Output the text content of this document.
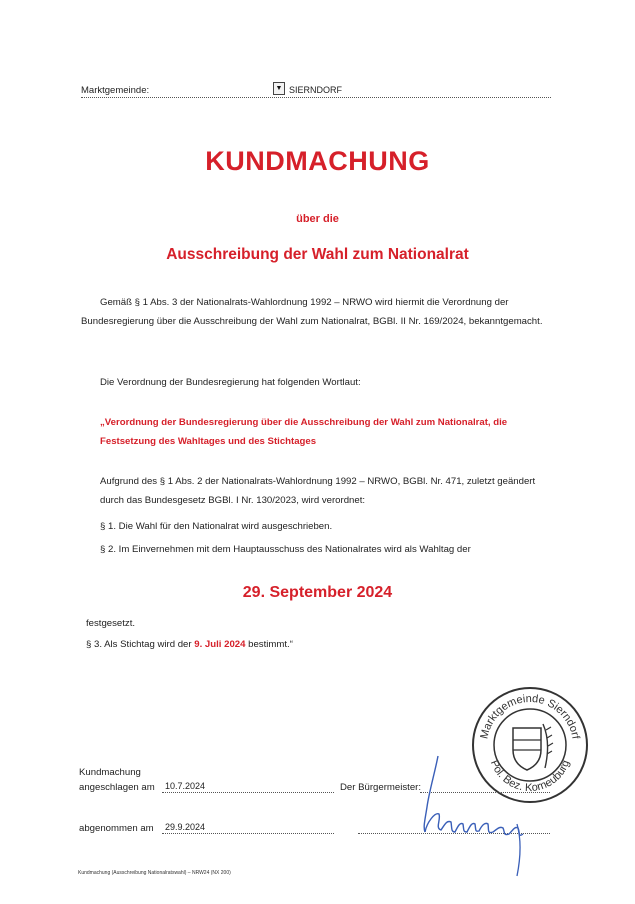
Marktgemeinde:	▼ SIERNDORF
KUNDMACHUNG
über die
Ausschreibung der Wahl zum Nationalrat
Gemäß § 1 Abs. 3 der Nationalrats-Wahlordnung 1992 – NRWO wird hiermit die Verordnung der Bundesregierung über die Ausschreibung der Wahl zum Nationalrat, BGBl. II Nr. 169/2024, bekanntgemacht.
Die Verordnung der Bundesregierung hat folgenden Wortlaut:
„Verordnung der Bundesregierung über die Ausschreibung der Wahl zum Nationalrat, die Festsetzung des Wahltages und des Stichtages
Aufgrund des § 1 Abs. 2 der Nationalrats-Wahlordnung 1992 – NRWO, BGBl. Nr. 471, zuletzt geändert durch das Bundesgesetz BGBl. I Nr. 130/2023, wird verordnet:
§ 1. Die Wahl für den Nationalrat wird ausgeschrieben.
§ 2. Im Einvernehmen mit dem Hauptausschuss des Nationalrates wird als Wahltag der
29. September 2024
festgesetzt.
§ 3. Als Stichtag wird der 9. Juli 2024 bestimmt.“
Marktgemeinde Sierndorf
Pol. Bez. Korneuburg
Kundmachung
angeschlagen am 10.7.2024	Der Bürgermeister:
abgenommen am 29.9.2024
Kundmachung (Ausschreibung Nationalratswahl) – NRW24 (NX 200)
